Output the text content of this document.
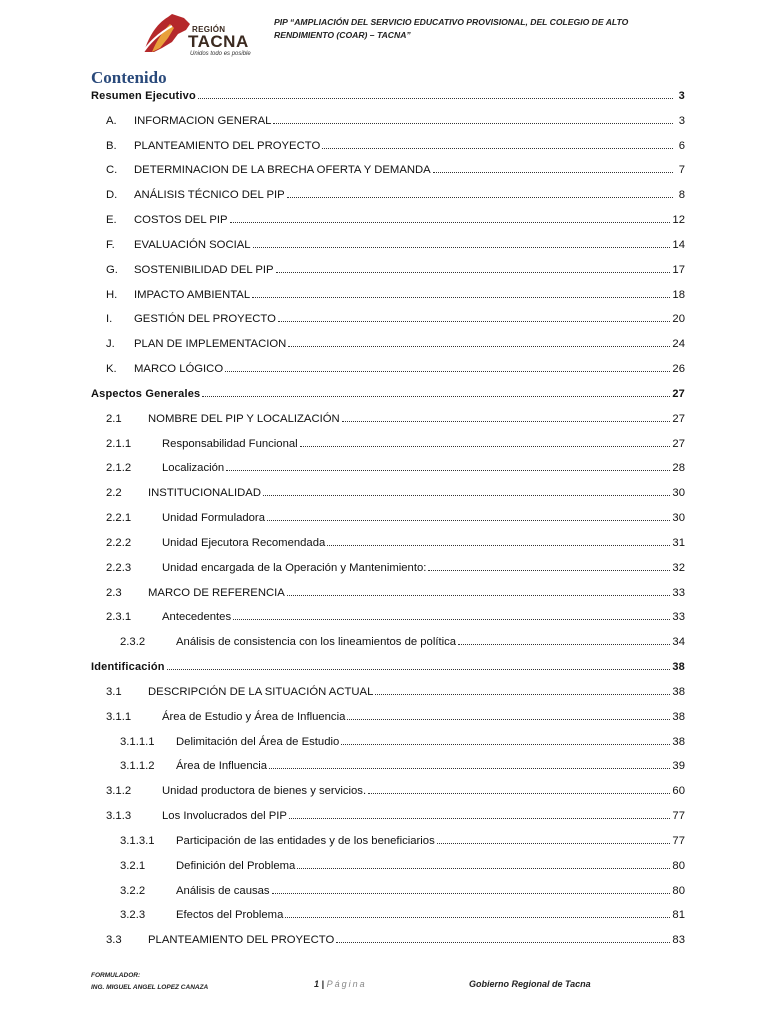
REGIÓN
TACNA
Unidos todo es posible
PIP “AMPLIACIÓN DEL SERVICIO EDUCATIVO PROVISIONAL, DEL COLEGIO DE ALTO RENDIMIENTO (COAR) – TACNA”
Contenido
Resumen Ejecutivo	3
A.	INFORMACION GENERAL	3
B.	PLANTEAMIENTO DEL PROYECTO	6
C.	DETERMINACION DE LA BRECHA OFERTA Y DEMANDA	7
D.	ANÁLISIS TÉCNICO DEL PIP	8
E.	COSTOS DEL PIP	12
F.	EVALUACIÓN SOCIAL	14
G.	SOSTENIBILIDAD DEL PIP	17
H.	IMPACTO AMBIENTAL	18
I.	GESTIÓN DEL PROYECTO	20
J.	PLAN DE IMPLEMENTACION	24
K.	MARCO LÓGICO	26
Aspectos Generales	27
2.1	NOMBRE DEL PIP Y LOCALIZACIÓN	27
2.1.1	Responsabilidad Funcional	27
2.1.2	Localización	28
2.2	INSTITUCIONALIDAD	30
2.2.1	Unidad Formuladora	30
2.2.2	Unidad Ejecutora Recomendada	31
2.2.3	Unidad encargada de la Operación y Mantenimiento:	32
2.3	MARCO DE REFERENCIA	33
2.3.1	Antecedentes	33
2.3.2	Análisis de consistencia con los lineamientos de política	34
Identificación	38
3.1	DESCRIPCIÓN DE LA SITUACIÓN ACTUAL	38
3.1.1	Área de Estudio y Área de Influencia	38
3.1.1.1	Delimitación del Área de Estudio	38
3.1.1.2	Área de Influencia	39
3.1.2	Unidad productora de bienes y servicios.	60
3.1.3	Los Involucrados del PIP	77
3.1.3.1	Participación de las entidades y de los beneficiarios	77
3.2.1	Definición del Problema	80
3.2.2	Análisis de causas	80
3.2.3	Efectos del Problema	81
3.3	PLANTEAMIENTO DEL PROYECTO	83
FORMULADOR:
ING. MIGUEL ANGEL LOPEZ CANAZA	1 | Página	Gobierno Regional de Tacna
